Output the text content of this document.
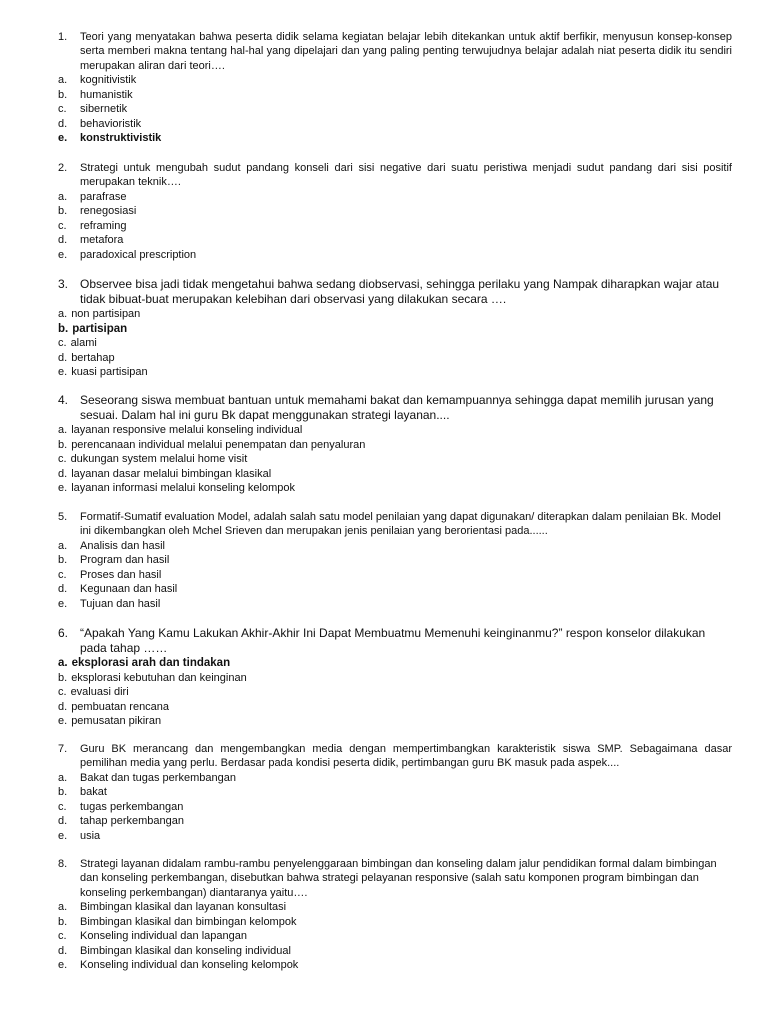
1.	Teori yang menyatakan bahwa peserta didik selama kegiatan belajar lebih ditekankan untuk aktif berfikir, menyusun konsep-konsep serta memberi makna tentang hal-hal yang dipelajari dan yang paling penting terwujudnya belajar adalah niat peserta didik itu sendiri merupakan aliran dari teori….
a.	kognitivistik
b.	humanistik
c.	sibernetik
d.	behavioristik
e.	konstruktivistik
2.	Strategi untuk mengubah sudut pandang konseli dari sisi negative dari suatu peristiwa menjadi sudut pandang dari sisi positif merupakan teknik….
a.	parafrase
b.	renegosiasi
c.	reframing
d.	metafora
e.	paradoxical prescription
3. Observee bisa jadi tidak mengetahui bahwa sedang diobservasi, sehingga perilaku yang Nampak diharapkan wajar atau tidak bibuat-buat merupakan kelebihan dari observasi yang dilakukan secara ….
a. non partisipan
b. partisipan
c. alami
d. bertahap
e. kuasi partisipan
4. Seseorang siswa membuat bantuan untuk memahami bakat dan kemampuannya sehingga dapat memilih jurusan yang sesuai. Dalam hal ini guru Bk dapat menggunakan strategi layanan....
a. layanan responsive melalui konseling individual
b. perencanaan individual melalui penempatan dan penyaluran
c. dukungan system melalui home visit
d. layanan dasar melalui bimbingan klasikal
e. layanan informasi melalui konseling kelompok
5.	Formatif-Sumatif evaluation Model, adalah salah satu model penilaian yang dapat digunakan/ diterapkan dalam penilaian Bk. Model ini dikembangkan oleh Mchel Srieven dan merupakan jenis penilaian yang berorientasi pada......
a.	Analisis dan hasil
b.	Program dan hasil
c.	Proses dan hasil
d.	Kegunaan dan hasil
e.	Tujuan dan hasil
6. “Apakah Yang Kamu Lakukan Akhir-Akhir Ini Dapat Membuatmu Memenuhi keinginanmu?” respon konselor dilakukan pada tahap ……
a. eksplorasi arah dan tindakan
b. eksplorasi kebutuhan dan keinginan
c. evaluasi diri
d. pembuatan rencana
e. pemusatan pikiran
7.	Guru BK merancang dan mengembangkan media dengan mempertimbangkan karakteristik siswa SMP. Sebagaimana dasar pemilihan media yang perlu. Berdasar pada kondisi peserta didik, pertimbangan guru BK masuk pada aspek....
a.	Bakat dan tugas perkembangan
b.	bakat
c.	tugas perkembangan
d.	tahap perkembangan
e.	usia
8.	Strategi layanan didalam rambu-rambu penyelenggaraan bimbingan dan konseling dalam jalur pendidikan formal dalam bimbingan dan konseling perkembangan, disebutkan bahwa strategi pelayanan responsive (salah satu komponen program bimbingan dan konseling perkembangan) diantaranya yaitu….
a.	Bimbingan klasikal dan layanan konsultasi
b.	Bimbingan klasikal dan bimbingan kelompok
c.	Konseling individual dan lapangan
d.	Bimbingan klasikal dan konseling individual
e.	Konseling individual dan konseling kelompok
